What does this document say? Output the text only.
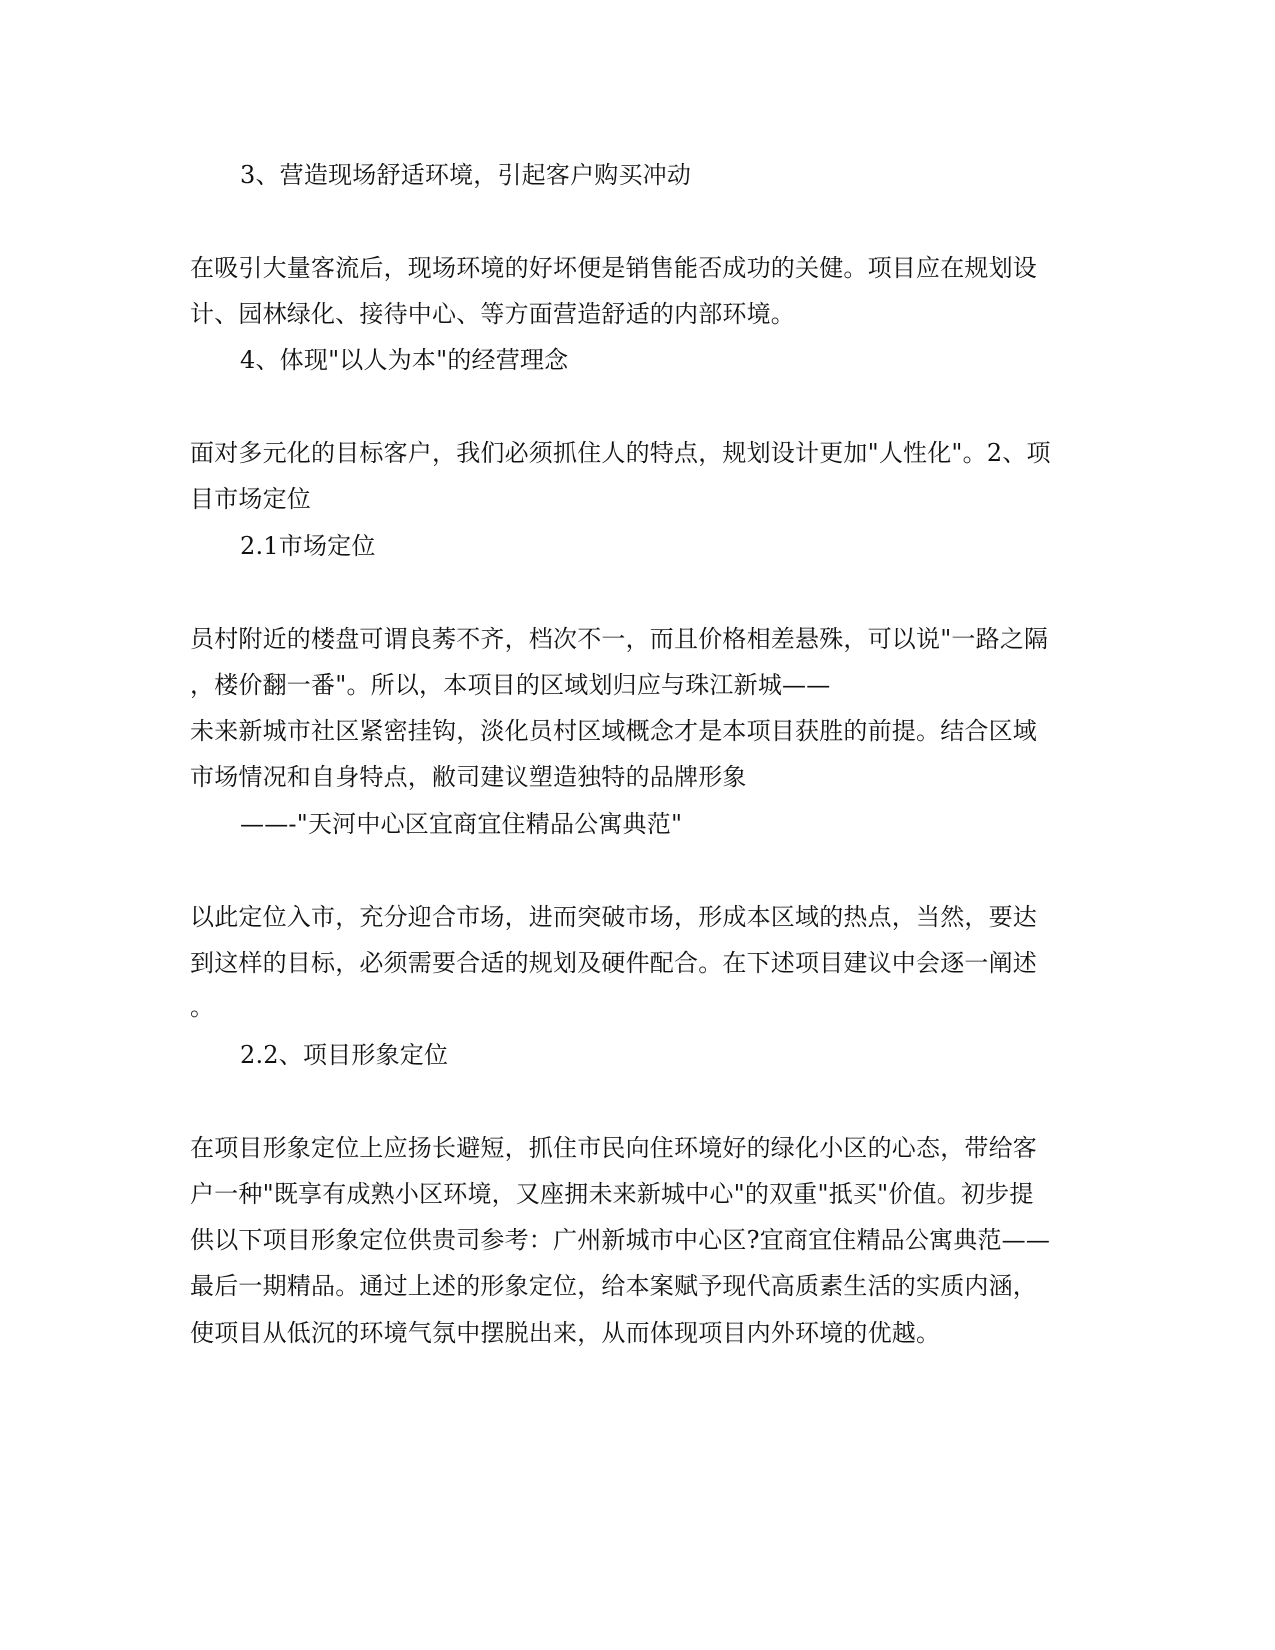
3、营造现场舒适环境，引起客户购买冲动
在吸引大量客流后，现场环境的好坏便是销售能否成功的关健。项目应在规划设
计、园林绿化、接待中心、等方面营造舒适的内部环境。
4、体现"以人为本"的经营理念
面对多元化的目标客户，我们必须抓住人的特点，规划设计更加"人性化"。2、项
目市场定位
2.1市场定位
员村附近的楼盘可谓良莠不齐，档次不一，而且价格相差悬殊，可以说"一路之隔
，楼价翻一番"。所以，本项目的区域划归应与珠江新城——
未来新城市社区紧密挂钩，淡化员村区域概念才是本项目获胜的前提。结合区域
市场情况和自身特点，敝司建议塑造独特的品牌形象
——-"天河中心区宜商宜住精品公寓典范"
以此定位入市，充分迎合市场，进而突破市场，形成本区域的热点，当然，要达
到这样的目标，必须需要合适的规划及硬件配合。在下述项目建议中会逐一阐述
。
2.2、项目形象定位
在项目形象定位上应扬长避短，抓住市民向住环境好的绿化小区的心态，带给客
户一种"既享有成熟小区环境，又座拥未来新城中心"的双重"抵买"价值。初步提
供以下项目形象定位供贵司参考：广州新城市中心区?宜商宜住精品公寓典范——
最后一期精品。通过上述的形象定位，给本案赋予现代高质素生活的实质内涵，
使项目从低沉的环境气氛中摆脱出来，从而体现项目内外环境的优越。
